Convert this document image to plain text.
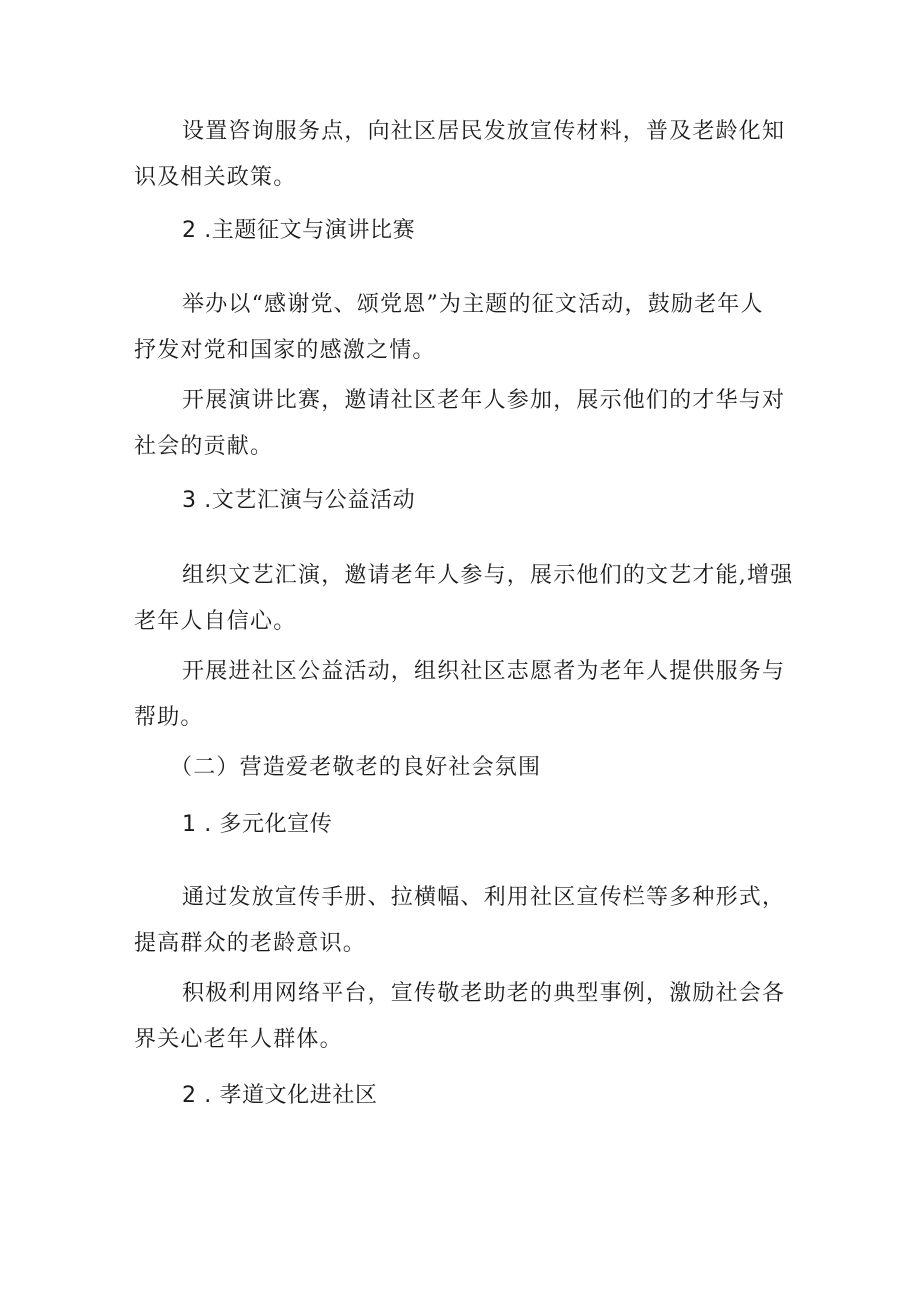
设置咨询服务点，向社区居民发放宣传材料，普及老龄化知
识及相关政策。
2 .主题征文与演讲比赛
举办以“感谢党、颂党恩”为主题的征文活动，鼓励老年人
抒发对党和国家的感激之情。
开展演讲比赛，邀请社区老年人参加，展示他们的才华与对
社会的贡献。
3 .文艺汇演与公益活动
组织文艺汇演，邀请老年人参与，展示他们的文艺才能,增强
老年人自信心。
开展进社区公益活动，组织社区志愿者为老年人提供服务与
帮助。
（二）营造爱老敬老的良好社会氛围
1 . 多元化宣传
通过发放宣传手册、拉横幅、利用社区宣传栏等多种形式，
提高群众的老龄意识。
积极利用网络平台，宣传敬老助老的典型事例，激励社会各
界关心老年人群体。
2 . 孝道文化进社区
